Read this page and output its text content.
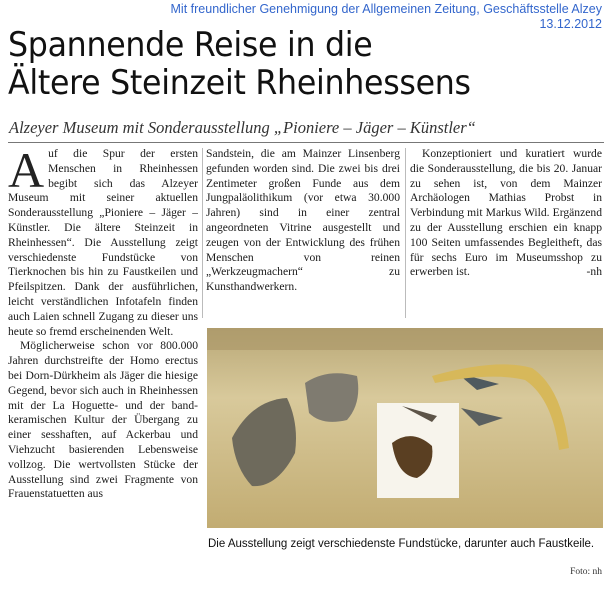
Mit freundlicher Genehmigung der Allgemeinen Zeitung, Geschäftsstelle Alzey
13.12.2012
Spannende Reise in die
Ältere Steinzeit Rheinhessens
Alzeyer Museum mit Sonderausstellung „Pioniere – Jäger – Künstler“

Auf die Spur der ersten Menschen in Rheinhessen begibt sich das Alzeyer Museum mit seiner aktuellen Sonderausstellung „Pioniere – Jäger – Künstler. Die ältere Steinzeit in Rheinhessen“. Die Ausstellung zeigt verschiedenste Fundstücke von Tierknochen bis hin zu Faustkeilen und Pfeilspitzen. Dank der ausführlichen, leicht verständlichen Infotafeln finden auch Laien schnell Zugang zu dieser uns heute so fremd erscheinenden Welt.

Möglicherweise schon vor 800.000 Jahren durchstreifte der Homo erectus bei Dorn-Dürkheim als Jäger die hiesige Gegend, bevor sich auch in Rheinhessen mit der La Hoguette- und der band-keramischen Kultur der Übergang zu einer sesshaften, auf Ackerbau und Viehzucht basierenden Lebensweise vollzog. Die wertvollsten Stücke der Ausstellung sind zwei Fragmente von Frauenstatuetten aus

Sandstein, die am Mainzer Linsenberg gefunden worden sind. Die zwei bis drei Zentimeter großen Funde aus dem Jungpaläolithikum (vor etwa 30.000 Jahren) sind in einer zentral angeordneten Vitrine ausgestellt und zeugen von der Entwicklung des frühen Menschen von reinen „Werkzeugmachern“ zu Kunsthandwerkern.

Konzeptioniert und kuratiert wurde die Sonderausstellung, die bis 20. Januar zu sehen ist, von dem Mainzer Archäologen Mathias Probst in Verbindung mit Markus Wild. Ergänzend zu der Ausstellung erschien ein knapp 100 Seiten umfassendes Begleitheft, das für sechs Euro im Museumsshop zu erwerben ist.	-nh

Die Ausstellung zeigt verschiedenste Fundstücke, darunter auch Faustkeile.
Foto: nh
